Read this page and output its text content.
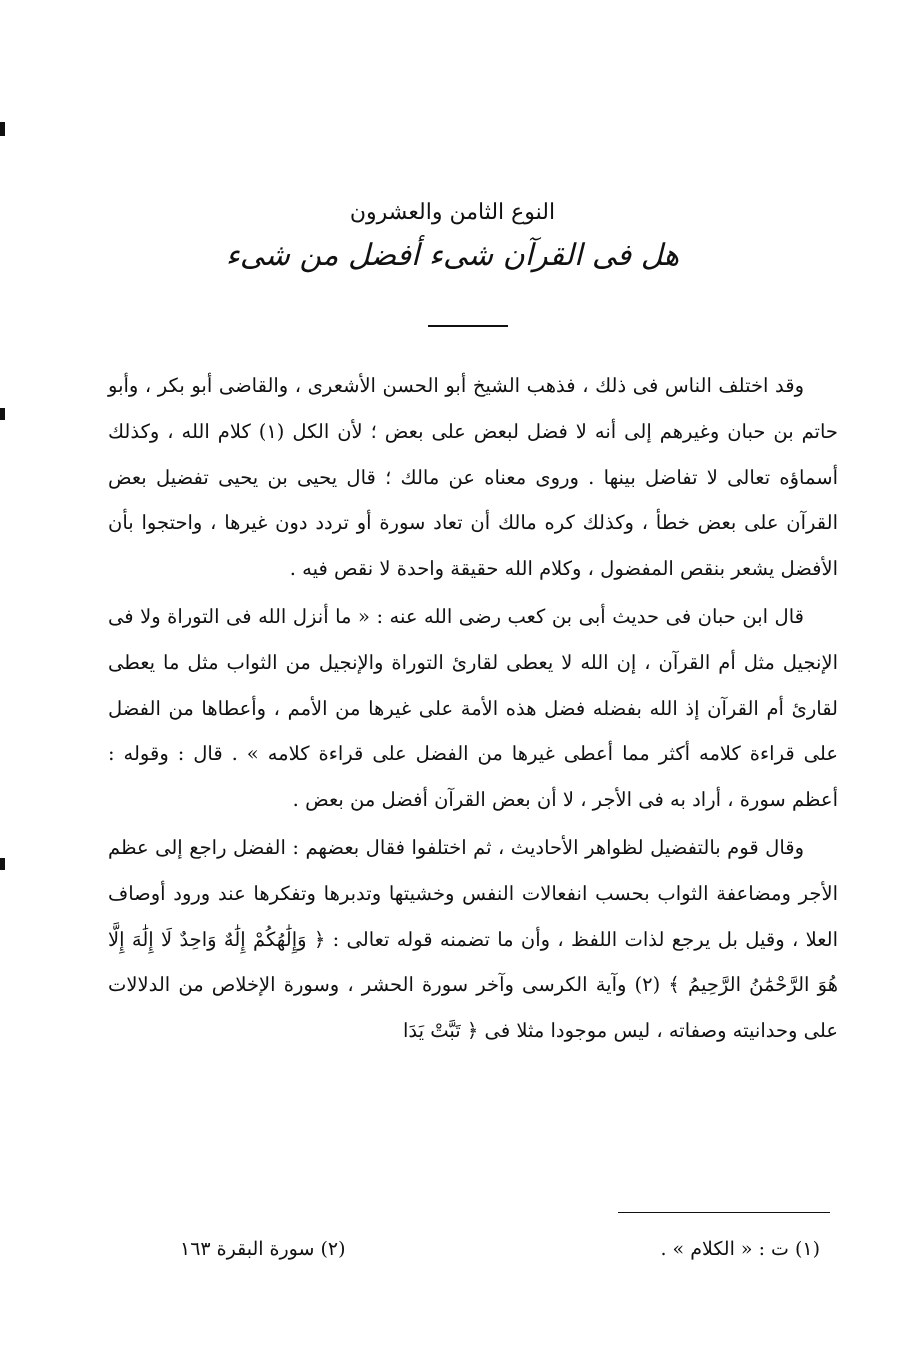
النوع الثامن والعشرون
هل فى القرآن شىء أفضل من شىء

وقد اختلف الناس فى ذلك ، فذهب الشيخ أبو الحسن الأشعرى ، والقاضى أبو بكر ، وأبو حاتم بن حبان وغيرهم إلى أنه لا فضل لبعض على بعض ؛ لأن الكل (١) كلام الله ، وكذلك أسماؤه تعالى لا تفاضل بينها . وروى معناه عن مالك ؛ قال يحيى بن يحيى تفضيل بعض القرآن على بعض خطأ ، وكذلك كره مالك أن تعاد سورة أو تردد دون غيرها ، واحتجوا بأن الأفضل يشعر بنقص المفضول ، وكلام الله حقيقة واحدة لا نقص فيه .

قال ابن حبان فى حديث أبى بن كعب رضى الله عنه : « ما أنزل الله فى التوراة ولا فى الإنجيل مثل أم القرآن ، إن الله لا يعطى لقارئ التوراة والإنجيل من الثواب مثل ما يعطى لقارئ أم القرآن إذ الله بفضله فضل هذه الأمة على غيرها من الأمم ، وأعطاها من الفضل على قراءة كلامه أكثر مما أعطى غيرها من الفضل على قراءة كلامه » . قال : وقوله : أعظم سورة ، أراد به فى الأجر ، لا أن بعض القرآن أفضل من بعض .

وقال قوم بالتفضيل لظواهر الأحاديث ، ثم اختلفوا فقال بعضهم : الفضل راجع إلى عظم الأجر ومضاعفة الثواب بحسب انفعالات النفس وخشيتها وتدبرها وتفكرها عند ورود أوصاف العلا ، وقيل بل يرجع لذات اللفظ ، وأن ما تضمنه قوله تعالى : ﴿ وَإِلَٰهُكُمْ إِلَٰهٌ وَاحِدٌ لَا إِلَٰهَ إِلَّا هُوَ الرَّحْمَٰنُ الرَّحِيمُ ﴾ (٢) وآية الكرسى وآخر سورة الحشر ، وسورة الإخلاص من الدلالات على وحدانيته وصفاته ، ليس موجودا مثلا فى ﴿ تَبَّتْ يَدَا

(١) ت : « الكلام » .
(٢) سورة البقرة ١٦٣
